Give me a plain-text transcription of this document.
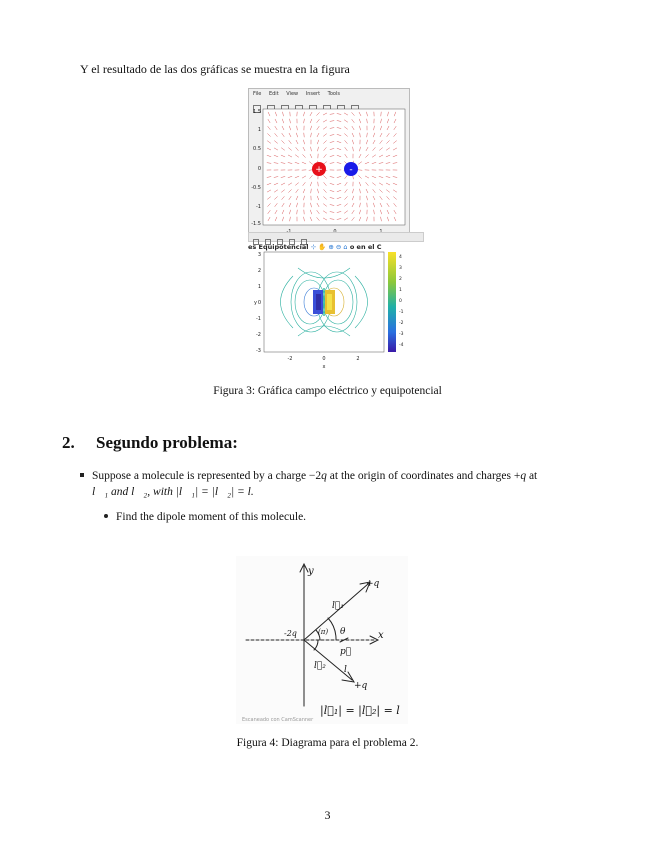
Y el resultado de las dos gráficas se muestra en la figura
File Edit View Insert Tools

+	-
1.5
1
0.5
0
-0.5
-1
-1.5

es Equipotencial ⊹ ✋ ⊕ ⊖ ⌂ o en el C
3
2
1
0
-1
-2
-3
y
-2	0	2
x
4
3
2
1
0
-1
-2
-3
-4
Figura 3: Gráfica campo eléctrico y equipotencial
2. Segundo problema:
Suppose a molecule is represented by a charge −2q at the origin of coordinates and charges +q at
l⃗₁ and l⃗₂, with |l⃗₁| = |l⃗₂| = l.
Find the dipole moment of this molecule.
y
x
+q
+q
-2q	θ
(π)
l⃗₁
l⃗₂
p⃗
l
|l⃗₁| = |l⃗₂| = l
Escaneado con CamScanner
Figura 4: Diagrama para el problema 2.
3
